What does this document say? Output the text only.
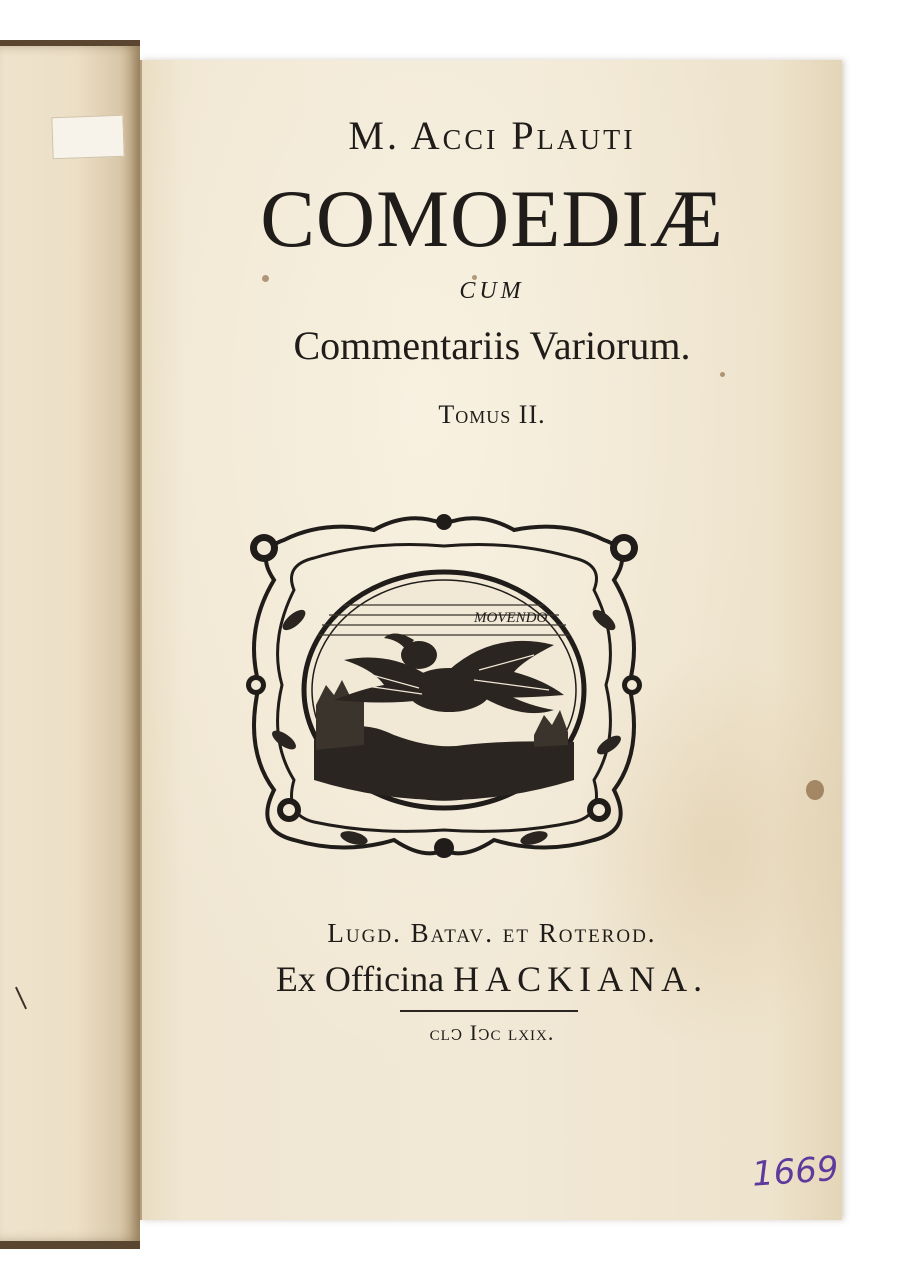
M. Acci Plauti
COMOEDIÆ
CUM
Commentariis Variorum.
Tomus II.
MOVENDO
Lugd. Batav. et Roterod.
Ex Officina HACKIANA.
clↄ Iↄc lxix.
1669
